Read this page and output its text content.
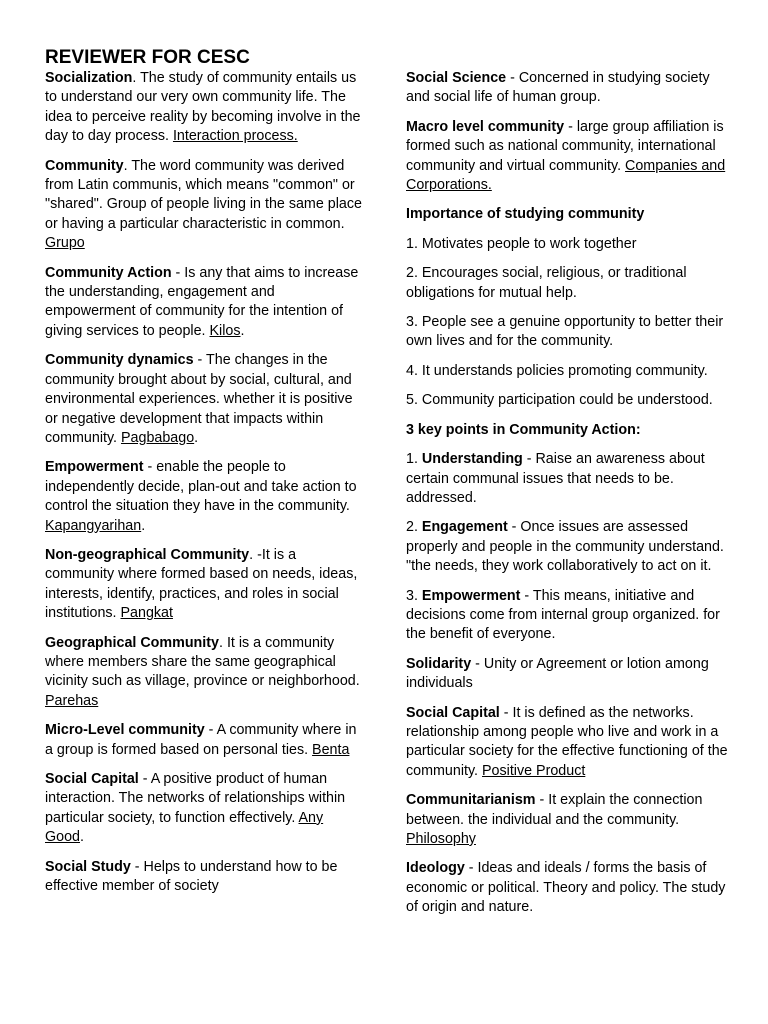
REVIEWER FOR CESC

Socialization. The study of community entails us to understand our very own community life. The idea to perceive reality by becoming involve in the day to day process. Interaction process.

Community. The word community was derived from Latin communis, which means "common" or "shared". Group of people living in the same place or having a particular characteristic in common. Grupo

Community Action - Is any that aims to increase the understanding, engagement and empowerment of community for the intention of giving services to people. Kilos.

Community dynamics - The changes in the community brought about by social, cultural, and environmental experiences. whether it is positive or negative development that impacts within community. Pagbabago.

Empowerment - enable the people to independently decide, plan-out and take action to control the situation they have in the community. Kapangyarihan.

Non-geographical Community. -It is a community where formed based on needs, ideas, interests, identify, practices, and roles in social institutions. Pangkat

Geographical Community. It is a community where members share the same geographical vicinity such as village, province or neighborhood. Parehas

Micro-Level community - A community where in a group is formed based on personal ties. Benta

Social Capital - A positive product of human interaction. The networks of relationships within particular society, to function effectively. Any Good.

Social Study - Helps to understand how to be effective member of society

Social Science - Concerned in studying society and social life of human group.

Macro level community - large group affiliation is formed such as national community, international community and virtual community. Companies and Corporations.

Importance of studying community

1. Motivates people to work together

2. Encourages social, religious, or traditional obligations for mutual help.

3. People see a genuine opportunity to better their own lives and for the community.

4. It understands policies promoting community.

5. Community participation could be understood.

3 key points in Community Action:

1. Understanding - Raise an awareness about certain communal issues that needs to be. addressed.

2. Engagement - Once issues are assessed properly and people in the community understand. "the needs, they work collaboratively to act on it.

3. Empowerment - This means, initiative and decisions come from internal group organized. for the benefit of everyone.

Solidarity - Unity or Agreement or lotion among individuals

Social Capital - It is defined as the networks. relationship among people who live and work in a particular society for the effective functioning of the community. Positive Product

Communitarianism - It explain the connection between. the individual and the community. Philosophy

Ideology - Ideas and ideals / forms the basis of economic or political. Theory and policy. The study of origin and nature.
